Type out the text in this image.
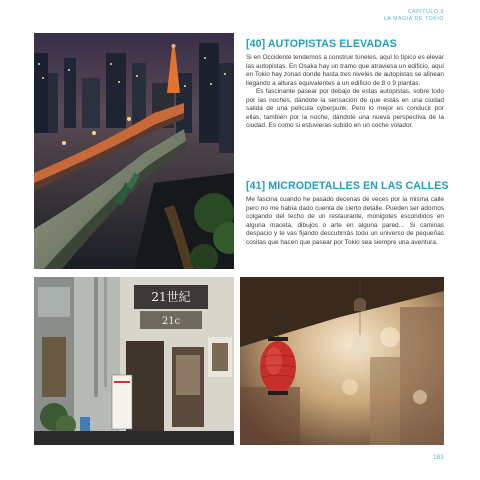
CAPÍTULO 9
LA MAGIA DE TOKIO
[40] AUTOPISTAS ELEVADAS

Si en Occidente tendemos a construir túneles, aquí lo típico es elevar las autopistas. En Osaka hay un tramo que atraviesa un edificio, aquí en Tokio hay zonas donde hasta tres niveles de autopistas se alinean llegando a alturas equivalentes a un edificio de 8 o 9 plantas.

Es fascinante pasear por debajo de estas autopistas, sobre todo por las noches, dándote la sensación de que estás en una ciudad salida de una película cyberpunk. Pero lo mejor es conducir por ellas, también por la noche, dándote una nueva perspectiva de la ciudad. Es como si estuvieras subido en un coche volador.

[41] MICRODETALLES EN LAS CALLES

Me fascina cuando he pasado decenas de veces por la misma calle pero no me había dado cuenta de cierto detalle. Pueden ser adornos colgando del techo de un restaurante, monigotes escondidos en alguna maceta, dibujos o arte en alguna pared… Si caminas despacio y te vas fijando descubrirás todo un universo de pequeñas cositas que hacen que pasear por Tokio sea siempre una aventura.

21世紀
21c
183
